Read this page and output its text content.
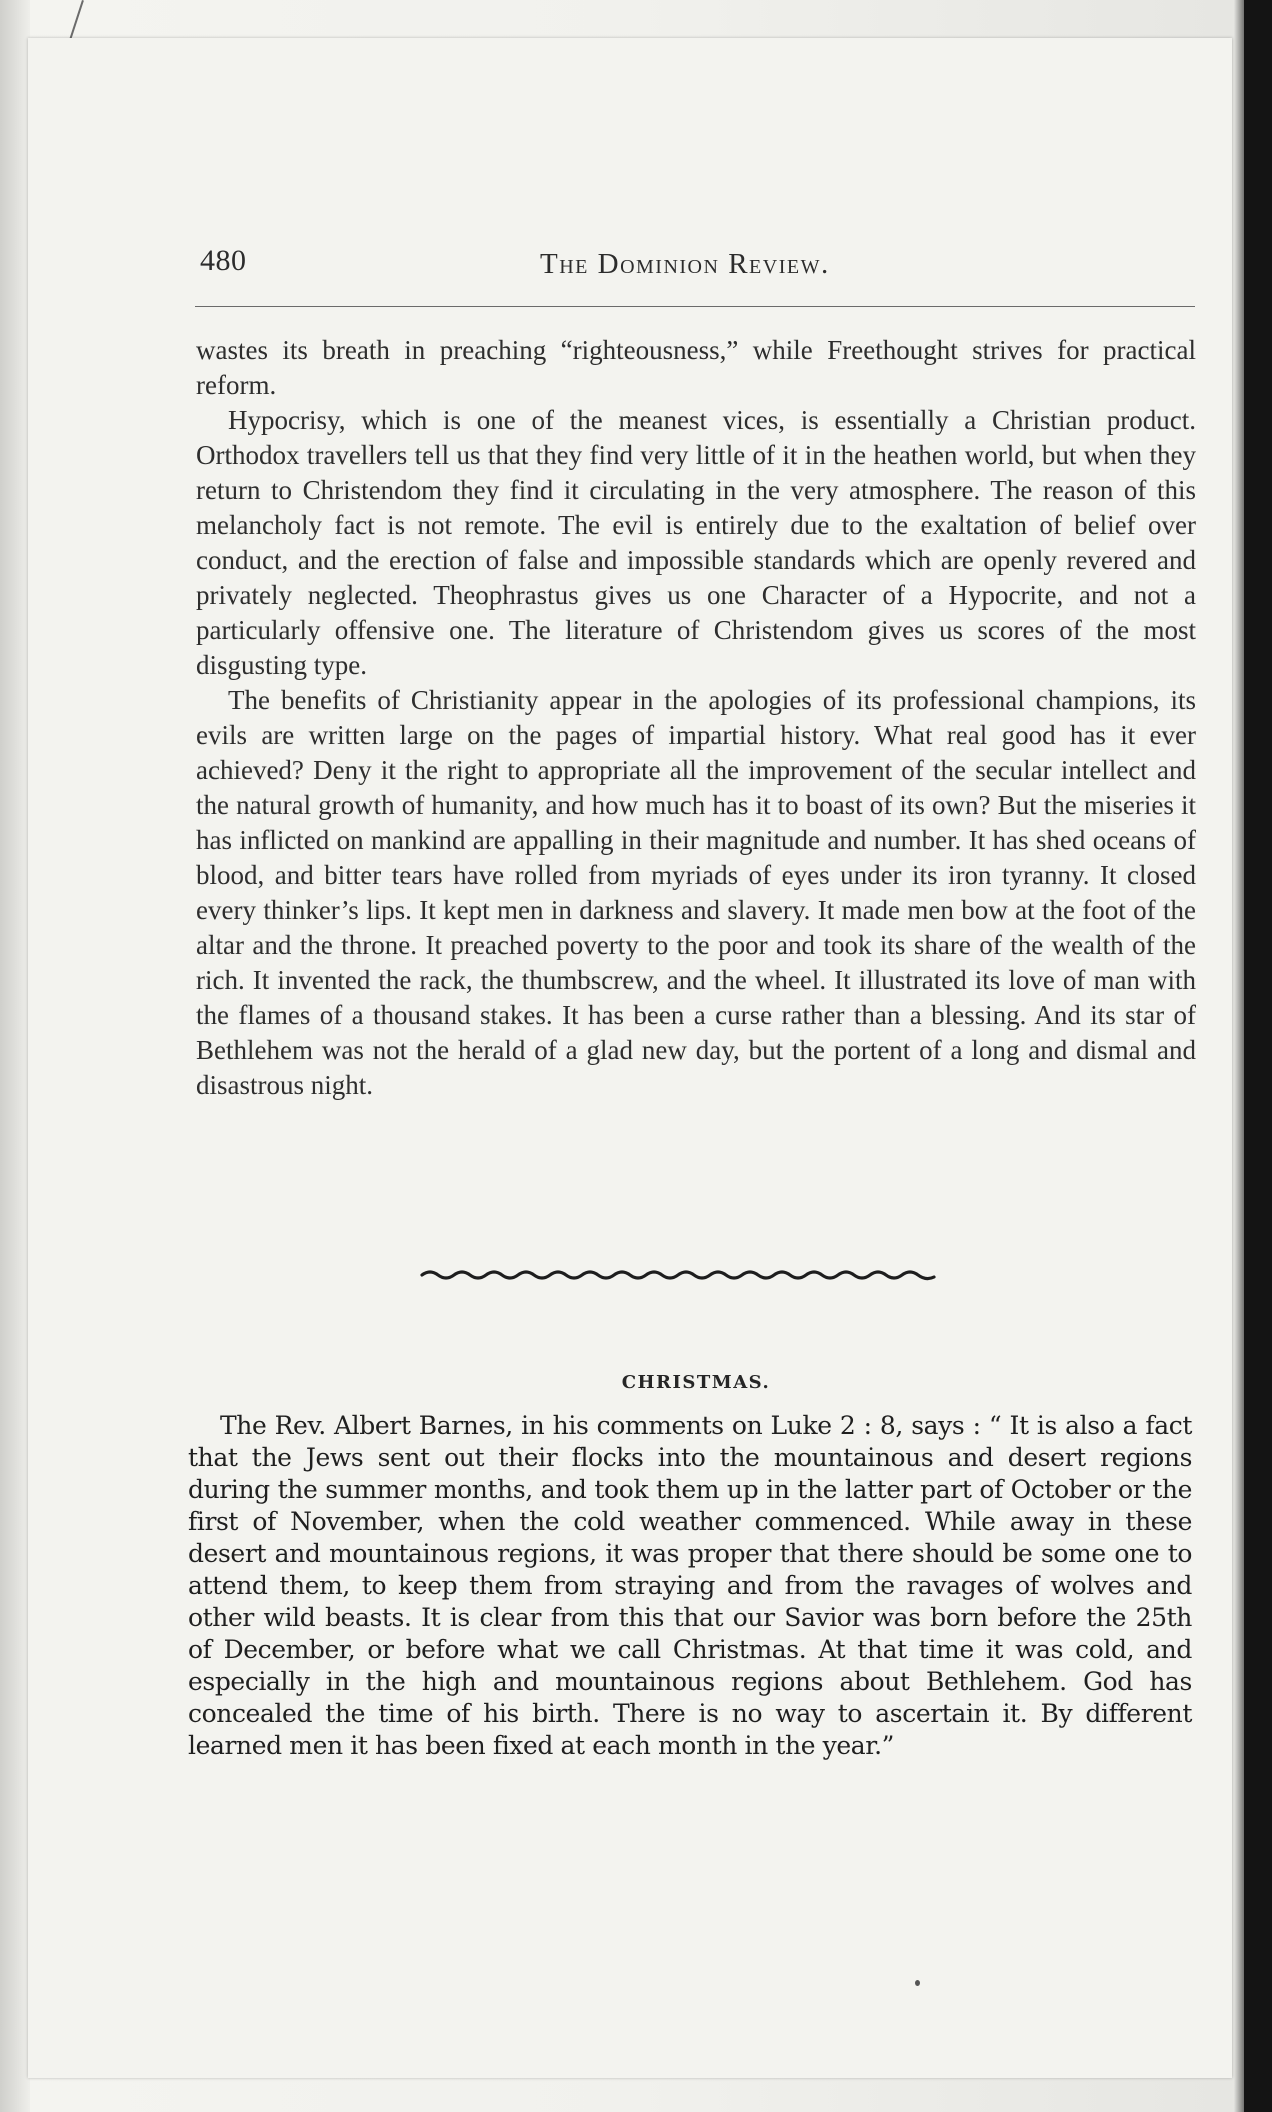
480	The Dominion Review.

wastes its breath in preaching “righteousness,” while Freethought strives for practical reform.

Hypocrisy, which is one of the meanest vices, is essentially a Christian product. Orthodox travellers tell us that they find very little of it in the heathen world, but when they return to Christendom they find it circulating in the very atmosphere. The reason of this melancholy fact is not remote. The evil is entirely due to the exaltation of belief over conduct, and the erection of false and impossible standards which are openly revered and privately neglected. Theophrastus gives us one Character of a Hypocrite, and not a particularly offensive one. The literature of Christendom gives us scores of the most disgusting type.

The benefits of Christianity appear in the apologies of its professional champions, its evils are written large on the pages of impartial history. What real good has it ever achieved? Deny it the right to appropriate all the improvement of the secular intellect and the natural growth of humanity, and how much has it to boast of its own? But the miseries it has inflicted on mankind are appalling in their magnitude and number. It has shed oceans of blood, and bitter tears have rolled from myriads of eyes under its iron tyranny. It closed every thinker’s lips. It kept men in darkness and slavery. It made men bow at the foot of the altar and the throne. It preached poverty to the poor and took its share of the wealth of the rich. It invented the rack, the thumbscrew, and the wheel. It illustrated its love of man with the flames of a thousand stakes. It has been a curse rather than a blessing. And its star of Bethlehem was not the herald of a glad new day, but the portent of a long and dismal and disastrous night.

CHRISTMAS.

The Rev. Albert Barnes, in his comments on Luke 2 : 8, says : “ It is also a fact that the Jews sent out their flocks into the mountainous and desert regions during the summer months, and took them up in the latter part of October or the first of November, when the cold weather commenced. While away in these desert and mountainous regions, it was proper that there should be some one to attend them, to keep them from straying and from the ravages of wolves and other wild beasts. It is clear from this that our Savior was born before the 25th of December, or before what we call Christmas. At that time it was cold, and especially in the high and mountainous regions about Bethlehem. God has concealed the time of his birth. There is no way to ascertain it. By different learned men it has been fixed at each month in the year.”
